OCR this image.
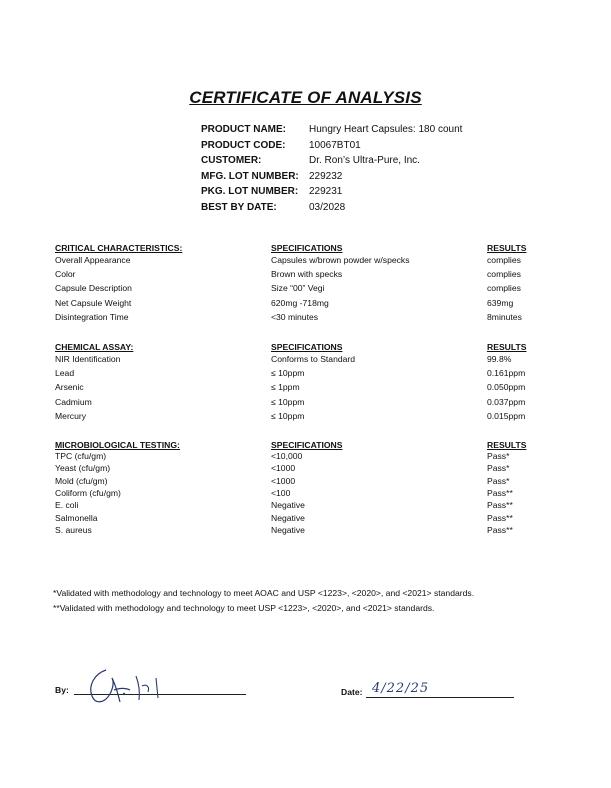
CERTIFICATE OF ANALYSIS
PRODUCT NAME:	Hungry Heart Capsules: 180 count
PRODUCT CODE:	10067BT01
CUSTOMER:	Dr. Ron’s Ultra-Pure, Inc.
MFG. LOT NUMBER:	229232
PKG. LOT NUMBER:	229231
BEST BY DATE:	03/2028
CRITICAL CHARACTERISTICS:	SPECIFICATIONS	RESULTS
Overall Appearance	Capsules w/brown powder w/specks	complies
Color	Brown with specks	complies
Capsule Description	Size “00” Vegi	complies
Net Capsule Weight	620mg -718mg	639mg
Disintegration Time	<30 minutes	8minutes
CHEMICAL ASSAY:	SPECIFICATIONS	RESULTS
NIR Identification	Conforms to Standard	99.8%
Lead	≤ 10ppm	0.161ppm
Arsenic	≤ 1ppm	0.050ppm
Cadmium	≤ 10ppm	0.037ppm
Mercury	≤ 10ppm	0.015ppm
MICROBIOLOGICAL TESTING:	SPECIFICATIONS	RESULTS
TPC (cfu/gm)	<10,000	Pass*
Yeast (cfu/gm)	<1000	Pass*
Mold (cfu/gm)	<1000	Pass*
Coliform (cfu/gm)	<100	Pass**
E. coli	Negative	Pass**
Salmonella	Negative	Pass**
S. aureus	Negative	Pass**
*Validated with methodology and technology to meet AOAC and USP <1223>, <2020>, and <2021> standards.
**Validated with methodology and technology to meet USP <1223>, <2020>, and <2021> standards.
By:	Date: 4/22/25
